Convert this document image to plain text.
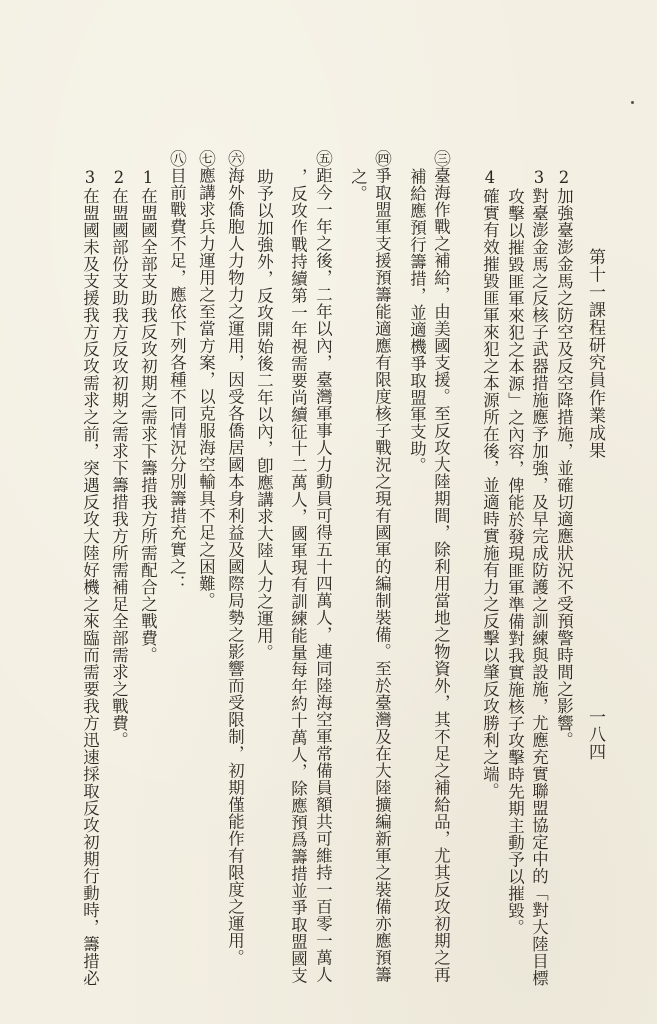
第十一課程研究員作業成果
一八四
2加強臺澎金馬之防空及反空降措施，並確切適應狀況不受預警時間之影響。
3對臺澎金馬之反核子武器措施應予加強，及早完成防護之訓練與設施，尤應充實聯盟協定中的「對大陸目標
攻擊以摧毀匪軍來犯之本源」之內容，俾能於發現匪軍準備對我實施核子攻擊時先期主動予以摧毀。
4確實有效摧毀匪軍來犯之本源所在後，並適時實施有力之反擊以肇反攻勝利之端。
㊂臺海作戰之補給，由美國支援。至反攻大陸期間，除利用當地之物資外，其不足之補給品，尤其反攻初期之再
補給應預行籌措，並適機爭取盟軍支助。
㊃爭取盟軍支援預籌能適應有限度核子戰況之現有國軍的編制裝備。至於臺灣及在大陸擴編新軍之裝備亦應預籌
之。
㊄距今一年之後，二年以內，臺灣軍事人力動員可得五十四萬人，連同陸海空軍常備員額共可維持一百零一萬人
，反攻作戰持續第一年視需要尚續征十二萬人，國軍現有訓練能量每年約十萬人，除應預爲籌措並爭取盟國支
助予以加強外，反攻開始後二年以內，卽應講求大陸人力之運用。
㊅海外僑胞人力物力之運用，因受各僑居國本身利益及國際局勢之影響而受限制，初期僅能作有限度之運用。
㊆應講求兵力運用之至當方案，以克服海空輸具不足之困難。
㊇目前戰費不足，應依下列各種不同情況分別籌措充實之：
1在盟國全部支助我反攻初期之需求下籌措我方所需配合之戰費。
2在盟國部份支助我方反攻初期之需求下籌措我方所需補足全部需求之戰費。
3在盟國未及支援我方反攻需求之前，突遇反攻大陸好機之來臨而需要我方迅速採取反攻初期行動時，籌措必
